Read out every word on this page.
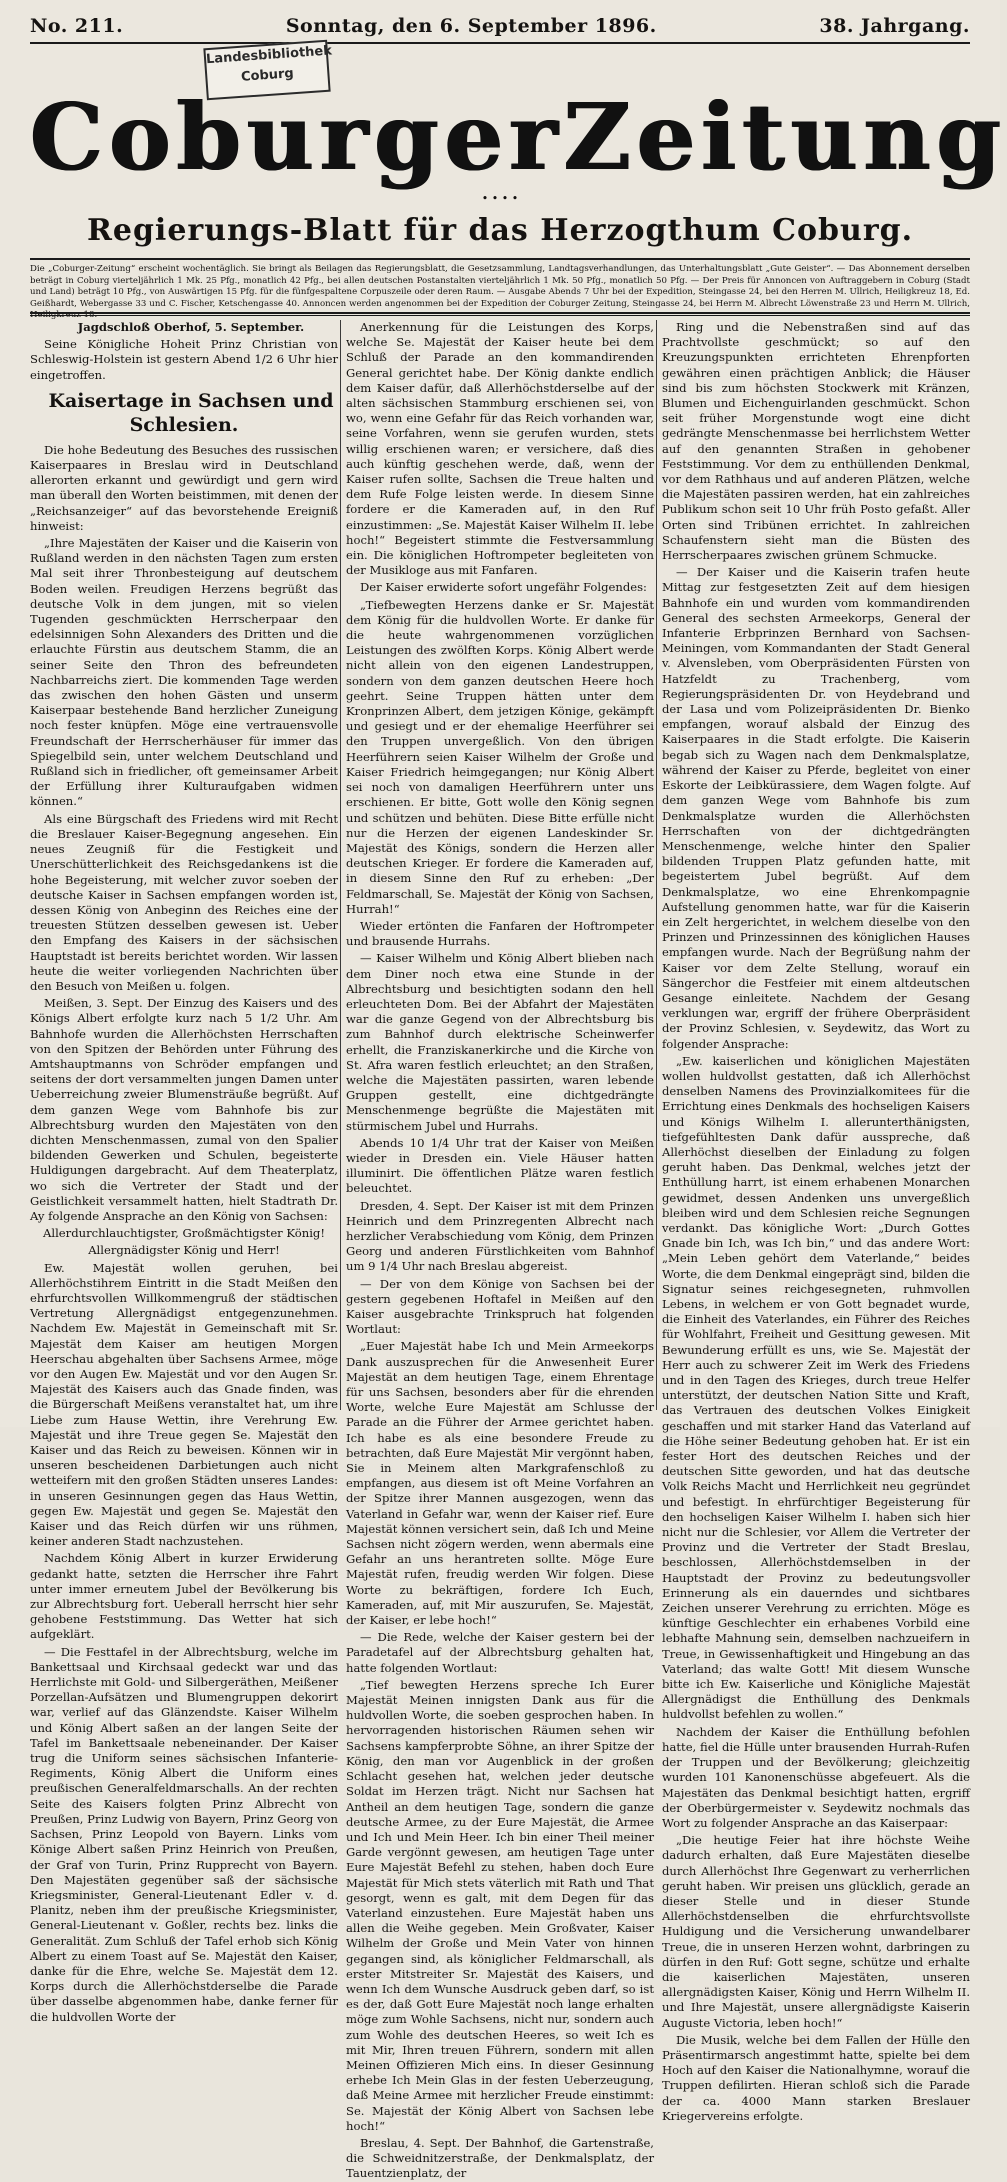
No. 211.	Sonntag, den 6. September 1896.	38. Jahrgang.
Landesbibliothek
Coburg
Coburger Zeitung
• • • •
Regierungs-Blatt für das Herzogthum Coburg.
Die „Coburger-Zeitung“ erscheint wochentäglich. Sie bringt als Beilagen das Regierungsblatt, die Gesetzsammlung, Landtagsverhandlungen, das Unterhaltungsblatt „Gute Geister“. — Das Abonnement derselben beträgt in Coburg vierteljährlich 1 Mk. 25 Pfg., monatlich 42 Pfg., bei allen deutschen Postanstalten vierteljährlich 1 Mk. 50 Pfg., monatlich 50 Pfg. — Der Preis für Annoncen von Auftraggebern in Coburg (Stadt und Land) beträgt 10 Pfg., von Auswärtigen 15 Pfg. für die fünfgespaltene Corpuszeile oder deren Raum. — Ausgabe Abends 7 Uhr bei der Expedition, Steingasse 24, bei den Herren M. Ullrich, Heiligkreuz 18, Ed. Geißhardt, Webergasse 33 und C. Fischer, Ketschengasse 40. Annoncen werden angenommen bei der Expedition der Coburger Zeitung, Steingasse 24, bei Herrn M. Albrecht Löwenstraße 23 und Herrn M. Ullrich, Heiligkreuz 18.

Jagdschloß Oberhof, 5. September.

Seine Königliche Hoheit Prinz Christian von Schleswig-Holstein ist gestern Abend 1/2 6 Uhr hier eingetroffen.

Kaisertage in Sachsen und Schlesien.

Die hohe Bedeutung des Besuches des russischen Kaiserpaares in Breslau wird in Deutschland allerorten erkannt und gewürdigt und gern wird man überall den Worten beistimmen, mit denen der „Reichsanzeiger“ auf das bevorstehende Ereigniß hinweist:

„Ihre Majestäten der Kaiser und die Kaiserin von Rußland werden in den nächsten Tagen zum ersten Mal seit ihrer Thronbesteigung auf deutschem Boden weilen. Freudigen Herzens begrüßt das deutsche Volk in dem jungen, mit so vielen Tugenden geschmückten Herrscherpaar den edelsinnigen Sohn Alexanders des Dritten und die erlauchte Fürstin aus deutschem Stamm, die an seiner Seite den Thron des befreundeten Nachbarreichs ziert. Die kommenden Tage werden das zwischen den hohen Gästen und unserm Kaiserpaar bestehende Band herzlicher Zuneigung noch fester knüpfen. Möge eine vertrauensvolle Freundschaft der Herrscherhäuser für immer das Spiegelbild sein, unter welchem Deutschland und Rußland sich in friedlicher, oft gemeinsamer Arbeit der Erfüllung ihrer Kulturaufgaben widmen können.“

Als eine Bürgschaft des Friedens wird mit Recht die Breslauer Kaiser-Begegnung angesehen. Ein neues Zeugniß für die Festigkeit und Unerschütterlichkeit des Reichsgedankens ist die hohe Begeisterung, mit welcher zuvor soeben der deutsche Kaiser in Sachsen empfangen worden ist, dessen König von Anbeginn des Reiches eine der treuesten Stützen desselben gewesen ist. Ueber den Empfang des Kaisers in der sächsischen Hauptstadt ist bereits berichtet worden. Wir lassen heute die weiter vorliegenden Nachrichten über den Besuch von Meißen u. folgen.

Meißen, 3. Sept. Der Einzug des Kaisers und des Königs Albert erfolgte kurz nach 5 1/2 Uhr. Am Bahnhofe wurden die Allerhöchsten Herrschaften von den Spitzen der Behörden unter Führung des Amtshauptmanns von Schröder empfangen und seitens der dort versammelten jungen Damen unter Ueberreichung zweier Blumensträuße begrüßt. Auf dem ganzen Wege vom Bahnhofe bis zur Albrechtsburg wurden den Majestäten von den dichten Menschenmassen, zumal von den Spalier bildenden Gewerken und Schulen, begeisterte Huldigungen dargebracht. Auf dem Theaterplatz, wo sich die Vertreter der Stadt und der Geistlichkeit versammelt hatten, hielt Stadtrath Dr. Ay folgende Ansprache an den König von Sachsen:

Allerdurchlauchtigster, Großmächtigster König!

Allergnädigster König und Herr!

Ew. Majestät wollen geruhen, bei Allerhöchstihrem Eintritt in die Stadt Meißen den ehrfurchtsvollen Willkommengruß der städtischen Vertretung Allergnädigst entgegenzunehmen. Nachdem Ew. Majestät in Gemeinschaft mit Sr. Majestät dem Kaiser am heutigen Morgen Heerschau abgehalten über Sachsens Armee, möge vor den Augen Ew. Majestät und vor den Augen Sr. Majestät des Kaisers auch das Gnade finden, was die Bürgerschaft Meißens veranstaltet hat, um ihre Liebe zum Hause Wettin, ihre Verehrung Ew. Majestät und ihre Treue gegen Se. Majestät den Kaiser und das Reich zu beweisen. Können wir in unseren bescheidenen Darbietungen auch nicht wetteifern mit den großen Städten unseres Landes: in unseren Gesinnungen gegen das Haus Wettin, gegen Ew. Majestät und gegen Se. Majestät den Kaiser und das Reich dürfen wir uns rühmen, keiner anderen Stadt nachzustehen.

Nachdem König Albert in kurzer Erwiderung gedankt hatte, setzten die Herrscher ihre Fahrt unter immer erneutem Jubel der Bevölkerung bis zur Albrechtsburg fort. Ueberall herrscht hier sehr gehobene Feststimmung. Das Wetter hat sich aufgeklärt.

— Die Festtafel in der Albrechtsburg, welche im Bankettsaal und Kirchsaal gedeckt war und das Herrlichste mit Gold- und Silbergeräthen, Meißener Porzellan-Aufsätzen und Blumengruppen dekorirt war, verlief auf das Glänzendste. Kaiser Wilhelm und König Albert saßen an der langen Seite der Tafel im Bankettsaale nebeneinander. Der Kaiser trug die Uniform seines sächsischen Infanterie-Regiments, König Albert die Uniform eines preußischen Generalfeldmarschalls. An der rechten Seite des Kaisers folgten Prinz Albrecht von Preußen, Prinz Ludwig von Bayern, Prinz Georg von Sachsen, Prinz Leopold von Bayern. Links vom Könige Albert saßen Prinz Heinrich von Preußen, der Graf von Turin, Prinz Rupprecht von Bayern. Den Majestäten gegenüber saß der sächsische Kriegsminister, General-Lieutenant Edler v. d. Planitz, neben ihm der preußische Kriegsminister, General-Lieutenant v. Goßler, rechts bez. links die Generalität. Zum Schluß der Tafel erhob sich König Albert zu einem Toast auf Se. Majestät den Kaiser, danke für die Ehre, welche Se. Majestät dem 12. Korps durch die Allerhöchstderselbe die Parade über dasselbe abgenommen habe, danke ferner für die huldvollen Worte der

Anerkennung für die Leistungen des Korps, welche Se. Majestät der Kaiser heute bei dem Schluß der Parade an den kommandirenden General gerichtet habe. Der König dankte endlich dem Kaiser dafür, daß Allerhöchstderselbe auf der alten sächsischen Stammburg erschienen sei, von wo, wenn eine Gefahr für das Reich vorhanden war, seine Vorfahren, wenn sie gerufen wurden, stets willig erschienen waren; er versichere, daß dies auch künftig geschehen werde, daß, wenn der Kaiser rufen sollte, Sachsen die Treue halten und dem Rufe Folge leisten werde. In diesem Sinne fordere er die Kameraden auf, in den Ruf einzustimmen: „Se. Majestät Kaiser Wilhelm II. lebe hoch!“ Begeistert stimmte die Festversammlung ein. Die königlichen Hoftrompeter begleiteten von der Musikloge aus mit Fanfaren.

Der Kaiser erwiderte sofort ungefähr Folgendes:

„Tiefbewegten Herzens danke er Sr. Majestät dem König für die huldvollen Worte. Er danke für die heute wahrgenommenen vorzüglichen Leistungen des zwölften Korps. König Albert werde nicht allein von den eigenen Landestruppen, sondern von dem ganzen deutschen Heere hoch geehrt. Seine Truppen hätten unter dem Kronprinzen Albert, dem jetzigen Könige, gekämpft und gesiegt und er der ehemalige Heerführer sei den Truppen unvergeßlich. Von den übrigen Heerführern seien Kaiser Wilhelm der Große und Kaiser Friedrich heimgegangen; nur König Albert sei noch von damaligen Heerführern unter uns erschienen. Er bitte, Gott wolle den König segnen und schützen und behüten. Diese Bitte erfülle nicht nur die Herzen der eigenen Landeskinder Sr. Majestät des Königs, sondern die Herzen aller deutschen Krieger. Er fordere die Kameraden auf, in diesem Sinne den Ruf zu erheben: „Der Feldmarschall, Se. Majestät der König von Sachsen, Hurrah!“

Wieder ertönten die Fanfaren der Hoftrompeter und brausende Hurrahs.

— Kaiser Wilhelm und König Albert blieben nach dem Diner noch etwa eine Stunde in der Albrechtsburg und besichtigten sodann den hell erleuchteten Dom. Bei der Abfahrt der Majestäten war die ganze Gegend von der Albrechtsburg bis zum Bahnhof durch elektrische Scheinwerfer erhellt, die Franziskanerkirche und die Kirche von St. Afra waren festlich erleuchtet; an den Straßen, welche die Majestäten passirten, waren lebende Gruppen gestellt, eine dichtgedrängte Menschenmenge begrüßte die Majestäten mit stürmischem Jubel und Hurrahs.

Abends 10 1/4 Uhr trat der Kaiser von Meißen wieder in Dresden ein. Viele Häuser hatten illuminirt. Die öffentlichen Plätze waren festlich beleuchtet.

Dresden, 4. Sept. Der Kaiser ist mit dem Prinzen Heinrich und dem Prinzregenten Albrecht nach herzlicher Verabschiedung vom König, dem Prinzen Georg und anderen Fürstlichkeiten vom Bahnhof um 9 1/4 Uhr nach Breslau abgereist.

— Der von dem Könige von Sachsen bei der gestern gegebenen Hoftafel in Meißen auf den Kaiser ausgebrachte Trinkspruch hat folgenden Wortlaut:

„Euer Majestät habe Ich und Mein Armeekorps Dank auszusprechen für die Anwesenheit Eurer Majestät an dem heutigen Tage, einem Ehrentage für uns Sachsen, besonders aber für die ehrenden Worte, welche Eure Majestät am Schlusse der Parade an die Führer der Armee gerichtet haben. Ich habe es als eine besondere Freude zu betrachten, daß Eure Majestät Mir vergönnt haben, Sie in Meinem alten Markgrafenschloß zu empfangen, aus diesem ist oft Meine Vorfahren an der Spitze ihrer Mannen ausgezogen, wenn das Vaterland in Gefahr war, wenn der Kaiser rief. Eure Majestät können versichert sein, daß Ich und Meine Sachsen nicht zögern werden, wenn abermals eine Gefahr an uns herantreten sollte. Möge Eure Majestät rufen, freudig werden Wir folgen. Diese Worte zu bekräftigen, fordere Ich Euch, Kameraden, auf, mit Mir auszurufen, Se. Majestät, der Kaiser, er lebe hoch!“

— Die Rede, welche der Kaiser gestern bei der Paradetafel auf der Albrechtsburg gehalten hat, hatte folgenden Wortlaut:

„Tief bewegten Herzens spreche Ich Eurer Majestät Meinen innigsten Dank aus für die huldvollen Worte, die soeben gesprochen haben. In hervorragenden historischen Räumen sehen wir Sachsens kampferprobte Söhne, an ihrer Spitze der König, den man vor Augenblick in der großen Schlacht gesehen hat, welchen jeder deutsche Soldat im Herzen trägt. Nicht nur Sachsen hat Antheil an dem heutigen Tage, sondern die ganze deutsche Armee, zu der Eure Majestät, die Armee und Ich und Mein Heer. Ich bin einer Theil meiner Garde vergönnt gewesen, am heutigen Tage unter Eure Majestät Befehl zu stehen, haben doch Eure Majestät für Mich stets väterlich mit Rath und That gesorgt, wenn es galt, mit dem Degen für das Vaterland einzustehen. Eure Majestät haben uns allen die Weihe gegeben. Mein Großvater, Kaiser Wilhelm der Große und Mein Vater von hinnen gegangen sind, als königlicher Feldmarschall, als erster Mitstreiter Sr. Majestät des Kaisers, und wenn Ich dem Wunsche Ausdruck geben darf, so ist es der, daß Gott Eure Majestät noch lange erhalten möge zum Wohle Sachsens, nicht nur, sondern auch zum Wohle des deutschen Heeres, so weit Ich es mit Mir, Ihren treuen Führern, sondern mit allen Meinen Offizieren Mich eins. In dieser Gesinnung erhebe Ich Mein Glas in der festen Ueberzeugung, daß Meine Armee mit herzlicher Freude einstimmt: Se. Majestät der König Albert von Sachsen lebe hoch!“

Breslau, 4. Sept. Der Bahnhof, die Gartenstraße, die Schweidnitzerstraße, der Denkmalsplatz, der Tauentzienplatz, der

Ring und die Nebenstraßen sind auf das Prachtvollste geschmückt; so auf den Kreuzungspunkten errichteten Ehrenpforten gewähren einen prächtigen Anblick; die Häuser sind bis zum höchsten Stockwerk mit Kränzen, Blumen und Eichenguirlanden geschmückt. Schon seit früher Morgenstunde wogt eine dicht gedrängte Menschenmasse bei herrlichstem Wetter auf den genannten Straßen in gehobener Feststimmung. Vor dem zu enthüllenden Denkmal, vor dem Rathhaus und auf anderen Plätzen, welche die Majestäten passiren werden, hat ein zahlreiches Publikum schon seit 10 Uhr früh Posto gefaßt. Aller Orten sind Tribünen errichtet. In zahlreichen Schaufenstern sieht man die Büsten des Herrscherpaares zwischen grünem Schmucke.

— Der Kaiser und die Kaiserin trafen heute Mittag zur festgesetzten Zeit auf dem hiesigen Bahnhofe ein und wurden vom kommandirenden General des sechsten Armeekorps, General der Infanterie Erbprinzen Bernhard von Sachsen-Meiningen, vom Kommandanten der Stadt General v. Alvensleben, vom Oberpräsidenten Fürsten von Hatzfeldt zu Trachenberg, vom Regierungspräsidenten Dr. von Heydebrand und der Lasa und vom Polizeipräsidenten Dr. Bienko empfangen, worauf alsbald der Einzug des Kaiserpaares in die Stadt erfolgte. Die Kaiserin begab sich zu Wagen nach dem Denkmalsplatze, während der Kaiser zu Pferde, begleitet von einer Eskorte der Leibkürassiere, dem Wagen folgte. Auf dem ganzen Wege vom Bahnhofe bis zum Denkmalsplatze wurden die Allerhöchsten Herrschaften von der dichtgedrängten Menschenmenge, welche hinter den Spalier bildenden Truppen Platz gefunden hatte, mit begeistertem Jubel begrüßt. Auf dem Denkmalsplatze, wo eine Ehrenkompagnie Aufstellung genommen hatte, war für die Kaiserin ein Zelt hergerichtet, in welchem dieselbe von den Prinzen und Prinzessinnen des königlichen Hauses empfangen wurde. Nach der Begrüßung nahm der Kaiser vor dem Zelte Stellung, worauf ein Sängerchor die Festfeier mit einem altdeutschen Gesange einleitete. Nachdem der Gesang verklungen war, ergriff der frühere Oberpräsident der Provinz Schlesien, v. Seydewitz, das Wort zu folgender Ansprache:

„Ew. kaiserlichen und königlichen Majestäten wollen huldvollst gestatten, daß ich Allerhöchst denselben Namens des Provinzialkomitees für die Errichtung eines Denkmals des hochseligen Kaisers und Königs Wilhelm I. allerunterthänigsten, tiefgefühltesten Dank dafür ausspreche, daß Allerhöchst dieselben der Einladung zu folgen geruht haben. Das Denkmal, welches jetzt der Enthüllung harrt, ist einem erhabenen Monarchen gewidmet, dessen Andenken uns unvergeßlich bleiben wird und dem Schlesien reiche Segnungen verdankt. Das königliche Wort: „Durch Gottes Gnade bin Ich, was Ich bin,“ und das andere Wort: „Mein Leben gehört dem Vaterlande,“ beides Worte, die dem Denkmal eingeprägt sind, bilden die Signatur seines reichgesegneten, ruhmvollen Lebens, in welchem er von Gott begnadet wurde, die Einheit des Vaterlandes, ein Führer des Reiches für Wohlfahrt, Freiheit und Gesittung gewesen. Mit Bewunderung erfüllt es uns, wie Se. Majestät der Herr auch zu schwerer Zeit im Werk des Friedens und in den Tagen des Krieges, durch treue Helfer unterstützt, der deutschen Nation Sitte und Kraft, das Vertrauen des deutschen Volkes Einigkeit geschaffen und mit starker Hand das Vaterland auf die Höhe seiner Bedeutung gehoben hat. Er ist ein fester Hort des deutschen Reiches und der deutschen Sitte geworden, und hat das deutsche Volk Reichs Macht und Herrlichkeit neu gegründet und befestigt. In ehrfürchtiger Begeisterung für den hochseligen Kaiser Wilhelm I. haben sich hier nicht nur die Schlesier, vor Allem die Vertreter der Provinz und die Vertreter der Stadt Breslau, beschlossen, Allerhöchstdemselben in der Hauptstadt der Provinz zu bedeutungsvoller Erinnerung als ein dauerndes und sichtbares Zeichen unserer Verehrung zu errichten. Möge es künftige Geschlechter ein erhabenes Vorbild eine lebhafte Mahnung sein, demselben nachzueifern in Treue, in Gewissenhaftigkeit und Hingebung an das Vaterland; das walte Gott! Mit diesem Wunsche bitte ich Ew. Kaiserliche und Königliche Majestät Allergnädigst die Enthüllung des Denkmals huldvollst befehlen zu wollen.“

Nachdem der Kaiser die Enthüllung befohlen hatte, fiel die Hülle unter brausenden Hurrah-Rufen der Truppen und der Bevölkerung; gleichzeitig wurden 101 Kanonenschüsse abgefeuert. Als die Majestäten das Denkmal besichtigt hatten, ergriff der Oberbürgermeister v. Seydewitz nochmals das Wort zu folgender Ansprache an das Kaiserpaar:

„Die heutige Feier hat ihre höchste Weihe dadurch erhalten, daß Eure Majestäten dieselbe durch Allerhöchst Ihre Gegenwart zu verherrlichen geruht haben. Wir preisen uns glücklich, gerade an dieser Stelle und in dieser Stunde Allerhöchstdenselben die ehrfurchtsvollste Huldigung und die Versicherung unwandelbarer Treue, die in unseren Herzen wohnt, darbringen zu dürfen in den Ruf: Gott segne, schütze und erhalte die kaiserlichen Majestäten, unseren allergnädigsten Kaiser, König und Herrn Wilhelm II. und Ihre Majestät, unsere allergnädigste Kaiserin Auguste Victoria, leben hoch!“

Die Musik, welche bei dem Fallen der Hülle den Präsentirmarsch angestimmt hatte, spielte bei dem Hoch auf den Kaiser die Nationalhymne, worauf die Truppen defilirten. Hieran schloß sich die Parade der ca. 4000 Mann starken Breslauer Kriegervereins erfolgte.
